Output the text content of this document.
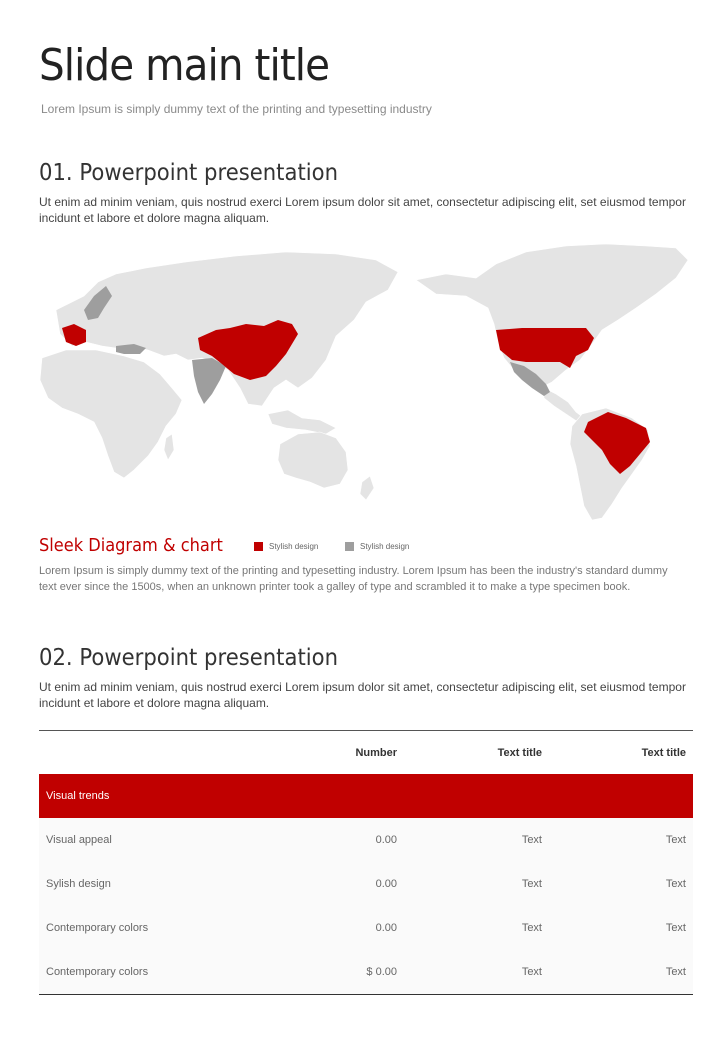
Slide main title
Lorem Ipsum is simply dummy text of the printing and typesetting industry
01. Powerpoint presentation
Ut enim ad minim veniam, quis nostrud exerci Lorem ipsum dolor sit amet, consectetur adipiscing elit, set eiusmod tempor incidunt et labore et dolore magna aliquam.
Sleek Diagram & chart	Stylish design	Stylish design
Lorem Ipsum is simply dummy text of the printing and typesetting industry. Lorem Ipsum has been the industry's standard dummy text ever since the 1500s, when an unknown printer took a galley of type and scrambled it to make a type specimen book.
02. Powerpoint presentation
Ut enim ad minim veniam, quis nostrud exerci Lorem ipsum dolor sit amet, consectetur adipiscing elit, set eiusmod tempor incidunt et labore et dolore magna aliquam.
	Number	Text title	Text title
Visual trends			
Visual appeal	0.00	Text	Text
Sylish design	0.00	Text	Text
Contemporary colors	0.00	Text	Text
Contemporary colors	$ 0.00	Text	Text
